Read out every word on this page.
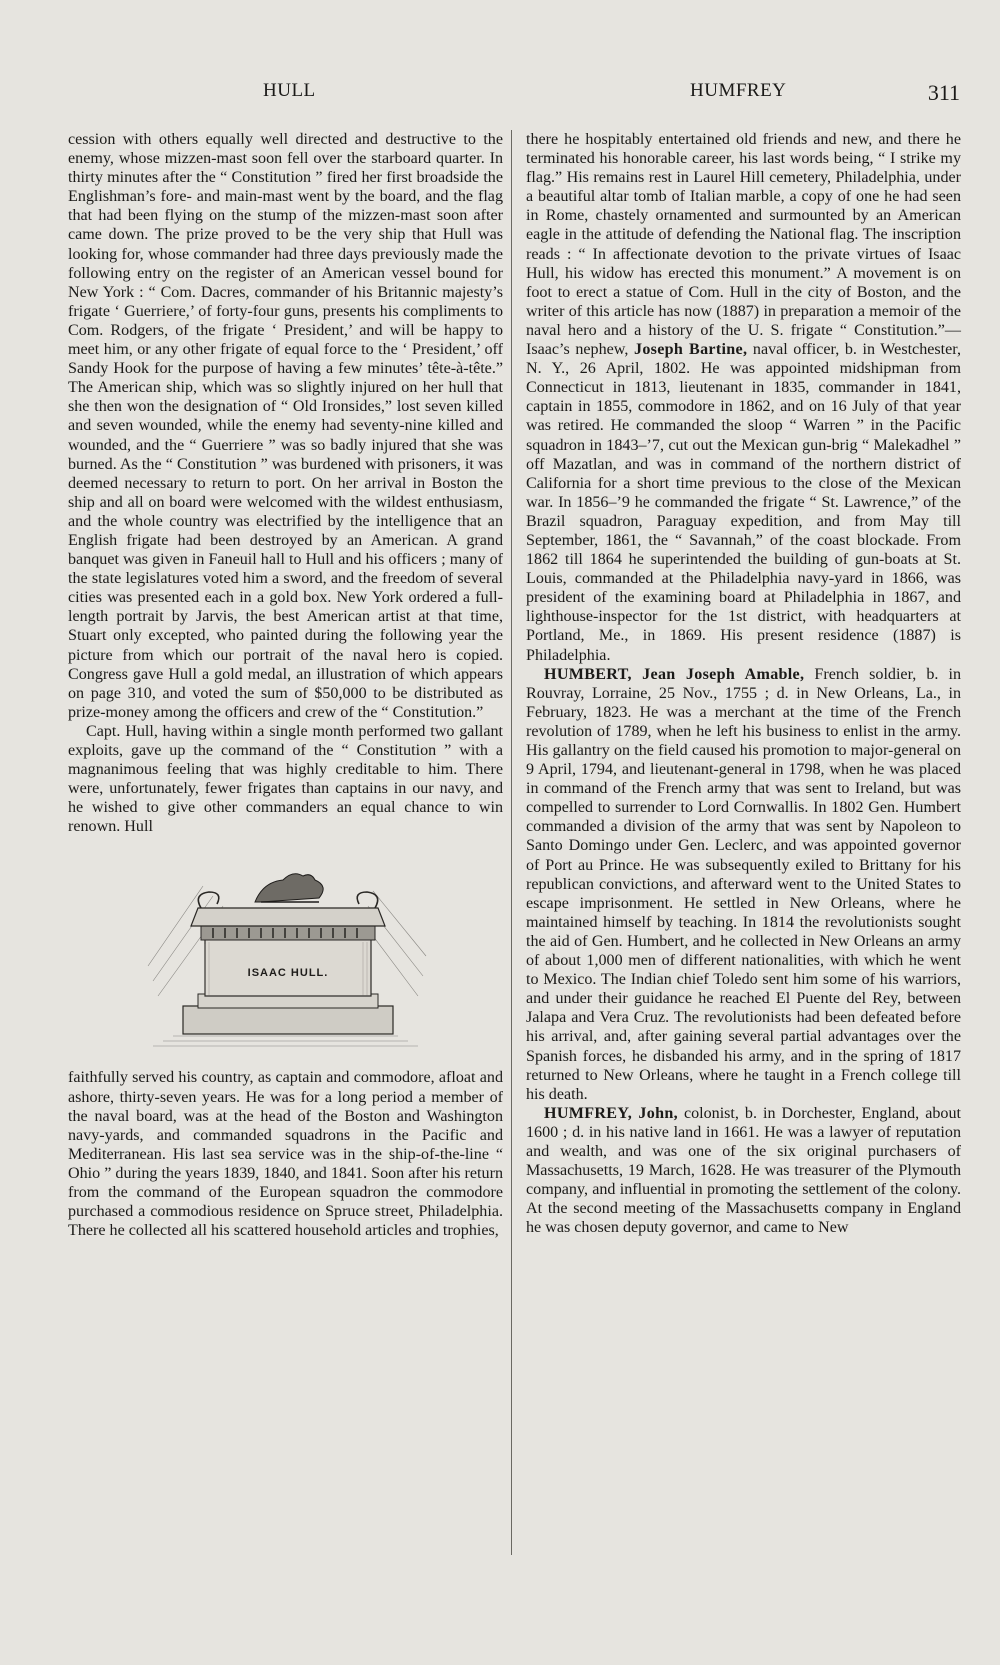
HULL	HUMFREY	311

cession with others equally well directed and destructive to the enemy, whose mizzen-mast soon fell over the starboard quarter. In thirty minutes after the “ Constitution ” fired her first broadside the Englishman’s fore- and main-mast went by the board, and the flag that had been flying on the stump of the mizzen-mast soon after came down. The prize proved to be the very ship that Hull was looking for, whose commander had three days previously made the following entry on the register of an American vessel bound for New York : “ Com. Dacres, commander of his Britannic majesty’s frigate ‘ Guerriere,’ of forty-four guns, presents his compliments to Com. Rodgers, of the frigate ‘ President,’ and will be happy to meet him, or any other frigate of equal force to the ‘ President,’ off Sandy Hook for the purpose of having a few minutes’ tête-à-tête.” The American ship, which was so slightly injured on her hull that she then won the designation of “ Old Ironsides,” lost seven killed and seven wounded, while the enemy had seventy-nine killed and wounded, and the “ Guerriere ” was so badly injured that she was burned. As the “ Constitution ” was burdened with prisoners, it was deemed necessary to return to port. On her arrival in Boston the ship and all on board were welcomed with the wildest enthusiasm, and the whole country was electrified by the intelligence that an English frigate had been destroyed by an American. A grand banquet was given in Faneuil hall to Hull and his officers ; many of the state legislatures voted him a sword, and the freedom of several cities was presented each in a gold box. New York ordered a full-length portrait by Jarvis, the best American artist at that time, Stuart only excepted, who painted during the following year the picture from which our portrait of the naval hero is copied. Congress gave Hull a gold medal, an illustration of which appears on page 310, and voted the sum of $50,000 to be distributed as prize-money among the officers and crew of the “ Constitution.”

Capt. Hull, having within a single month performed two gallant exploits, gave up the command of the “ Constitution ” with a magnanimous feeling that was highly creditable to him. There were, unfortunately, fewer frigates than captains in our navy, and he wished to give other commanders an equal chance to win renown. Hull

ISAAC HULL.

faithfully served his country, as captain and commodore, afloat and ashore, thirty-seven years. He was for a long period a member of the naval board, was at the head of the Boston and Washington navy-yards, and commanded squadrons in the Pacific and Mediterranean. His last sea service was in the ship-of-the-line “ Ohio ” during the years 1839, 1840, and 1841. Soon after his return from the command of the European squadron the commodore purchased a commodious residence on Spruce street, Philadelphia. There he collected all his scattered household articles and trophies,

there he hospitably entertained old friends and new, and there he terminated his honorable career, his last words being, “ I strike my flag.” His remains rest in Laurel Hill cemetery, Philadelphia, under a beautiful altar tomb of Italian marble, a copy of one he had seen in Rome, chastely ornamented and surmounted by an American eagle in the attitude of defending the National flag. The inscription reads : “ In affectionate devotion to the private virtues of Isaac Hull, his widow has erected this monument.” A movement is on foot to erect a statue of Com. Hull in the city of Boston, and the writer of this article has now (1887) in preparation a memoir of the naval hero and a history of the U. S. frigate “ Constitution.”—Isaac’s nephew, Joseph Bartine, naval officer, b. in Westchester, N. Y., 26 April, 1802. He was appointed midshipman from Connecticut in 1813, lieutenant in 1835, commander in 1841, captain in 1855, commodore in 1862, and on 16 July of that year was retired. He commanded the sloop “ Warren ” in the Pacific squadron in 1843–’7, cut out the Mexican gun-brig “ Malekadhel ” off Mazatlan, and was in command of the northern district of California for a short time previous to the close of the Mexican war. In 1856–’9 he commanded the frigate “ St. Lawrence,” of the Brazil squadron, Paraguay expedition, and from May till September, 1861, the “ Savannah,” of the coast blockade. From 1862 till 1864 he superintended the building of gun-boats at St. Louis, commanded at the Philadelphia navy-yard in 1866, was president of the examining board at Philadelphia in 1867, and lighthouse-inspector for the 1st district, with headquarters at Portland, Me., in 1869. His present residence (1887) is Philadelphia.

HUMBERT, Jean Joseph Amable, French soldier, b. in Rouvray, Lorraine, 25 Nov., 1755 ; d. in New Orleans, La., in February, 1823. He was a merchant at the time of the French revolution of 1789, when he left his business to enlist in the army. His gallantry on the field caused his promotion to major-general on 9 April, 1794, and lieutenant-general in 1798, when he was placed in command of the French army that was sent to Ireland, but was compelled to surrender to Lord Cornwallis. In 1802 Gen. Humbert commanded a division of the army that was sent by Napoleon to Santo Domingo under Gen. Leclerc, and was appointed governor of Port au Prince. He was subsequently exiled to Brittany for his republican convictions, and afterward went to the United States to escape imprisonment. He settled in New Orleans, where he maintained himself by teaching. In 1814 the revolutionists sought the aid of Gen. Humbert, and he collected in New Orleans an army of about 1,000 men of different nationalities, with which he went to Mexico. The Indian chief Toledo sent him some of his warriors, and under their guidance he reached El Puente del Rey, between Jalapa and Vera Cruz. The revolutionists had been defeated before his arrival, and, after gaining several partial advantages over the Spanish forces, he disbanded his army, and in the spring of 1817 returned to New Orleans, where he taught in a French college till his death.

HUMFREY, John, colonist, b. in Dorchester, England, about 1600 ; d. in his native land in 1661. He was a lawyer of reputation and wealth, and was one of the six original purchasers of Massachusetts, 19 March, 1628. He was treasurer of the Plymouth company, and influential in promoting the settlement of the colony. At the second meeting of the Massachusetts company in England he was chosen deputy governor, and came to New
